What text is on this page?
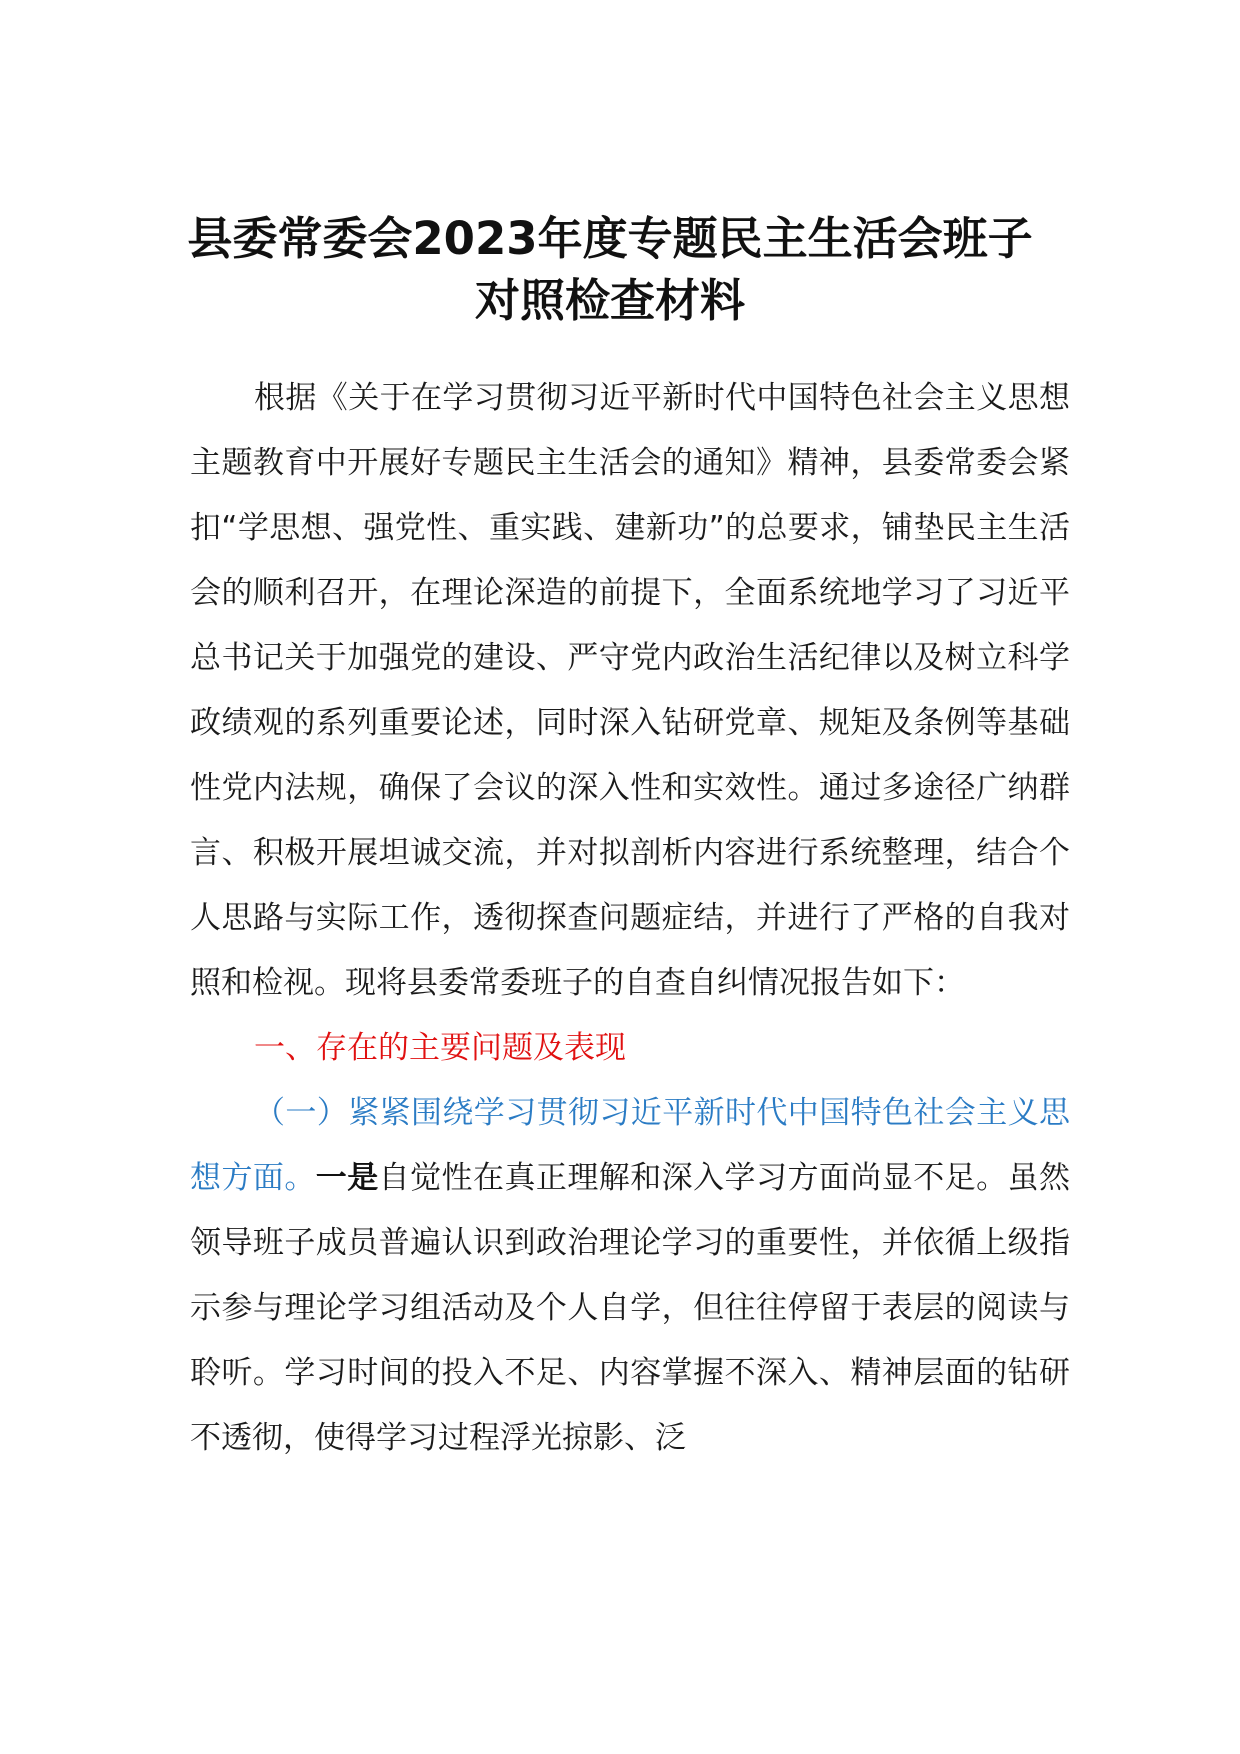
县委常委会2023年度专题民主生活会班子
对照检查材料

根据《关于在学习贯彻习近平新时代中国特色社会主义思想主题教育中开展好专题民主生活会的通知》精神，县委常委会紧扣“学思想、强党性、重实践、建新功”的总要求，铺垫民主生活会的顺利召开，在理论深造的前提下，全面系统地学习了习近平总书记关于加强党的建设、严守党内政治生活纪律以及树立科学政绩观的系列重要论述，同时深入钻研党章、规矩及条例等基础性党内法规，确保了会议的深入性和实效性。通过多途径广纳群言、积极开展坦诚交流，并对拟剖析内容进行系统整理，结合个人思路与实际工作，透彻探查问题症结，并进行了严格的自我对照和检视。现将县委常委班子的自查自纠情况报告如下：

一、存在的主要问题及表现

（一）紧紧围绕学习贯彻习近平新时代中国特色社会主义思想方面。一是自觉性在真正理解和深入学习方面尚显不足。虽然领导班子成员普遍认识到政治理论学习的重要性，并依循上级指示参与理论学习组活动及个人自学，但往往停留于表层的阅读与聆听。学习时间的投入不足、内容掌握不深入、精神层面的钻研不透彻，使得学习过程浮光掠影、泛
